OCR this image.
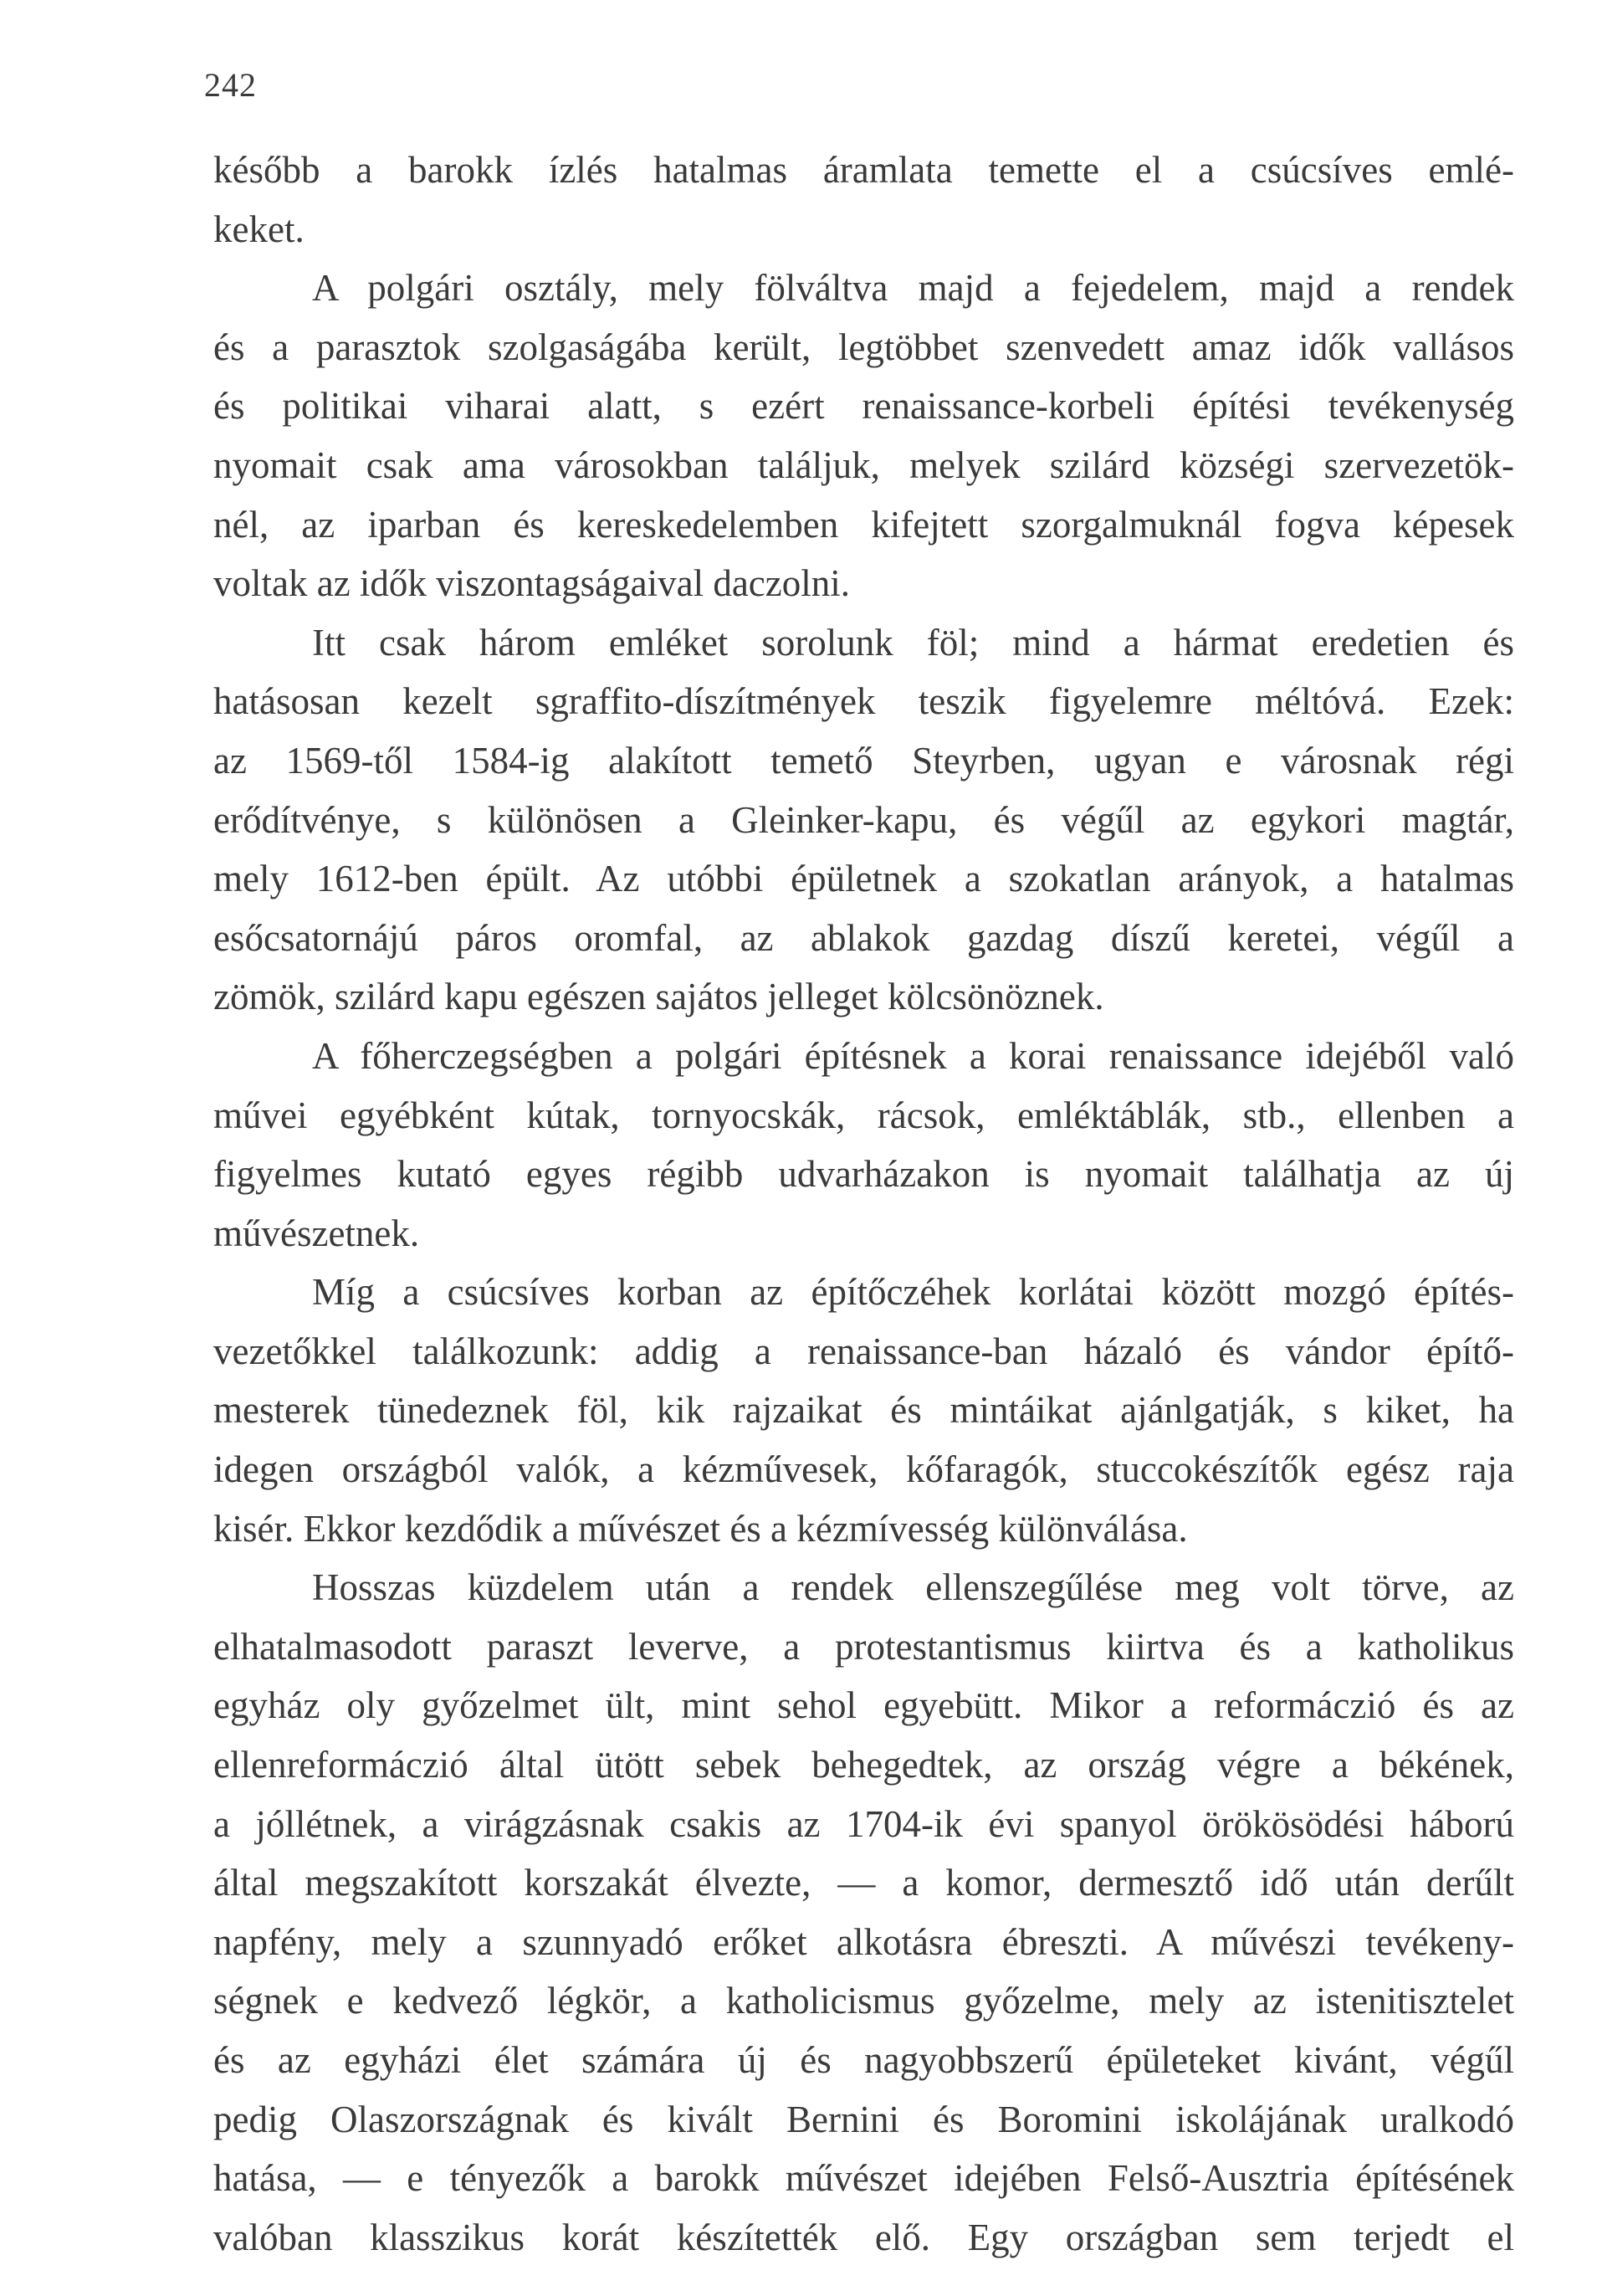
242
később a barokk ízlés hatalmas áramlata temette el a csúcsíves emlé-
keket.
A polgári osztály, mely fölváltva majd a fejedelem, majd a rendek
és a parasztok szolgaságába került, legtöbbet szenvedett amaz idők vallásos
és politikai viharai alatt, s ezért renaissance-korbeli építési tevékenység
nyomait csak ama városokban találjuk, melyek szilárd községi szervezetök-
nél, az iparban és kereskedelemben kifejtett szorgalmuknál fogva képesek
voltak az idők viszontagságaival daczolni.
Itt csak három emléket sorolunk föl; mind a hármat eredetien és
hatásosan kezelt sgraffito-díszítmények teszik figyelemre méltóvá. Ezek:
az 1569-től 1584-ig alakított temető Steyrben, ugyan e városnak régi
erődítvénye, s különösen a Gleinker-kapu, és végűl az egykori magtár,
mely 1612-ben épült. Az utóbbi épületnek a szokatlan arányok, a hatalmas
esőcsatornájú páros oromfal, az ablakok gazdag díszű keretei, végűl a
zömök, szilárd kapu egészen sajátos jelleget kölcsönöznek.
A főherczegségben a polgári építésnek a korai renaissance idejéből való
művei egyébként kútak, tornyocskák, rácsok, emléktáblák, stb., ellenben a
figyelmes kutató egyes régibb udvarházakon is nyomait találhatja az új
művészetnek.
Míg a csúcsíves korban az építőczéhek korlátai között mozgó építés-
vezetőkkel találkozunk: addig a renaissance-ban házaló és vándor építő-
mesterek tünedeznek föl, kik rajzaikat és mintáikat ajánlgatják, s kiket, ha
idegen országból valók, a kézművesek, kőfaragók, stuccokészítők egész raja
kisér. Ekkor kezdődik a művészet és a kézmívesség különválása.
Hosszas küzdelem után a rendek ellenszegűlése meg volt törve, az
elhatalmasodott paraszt leverve, a protestantismus kiirtva és a katholikus
egyház oly győzelmet ült, mint sehol egyebütt. Mikor a reformáczió és az
ellenreformáczió által ütött sebek behegedtek, az ország végre a békének,
a jóllétnek, a virágzásnak csakis az 1704-ik évi spanyol örökösödési háború
által megszakított korszakát élvezte, — a komor, dermesztő idő után derűlt
napfény, mely a szunnyadó erőket alkotásra ébreszti. A művészi tevékeny-
ségnek e kedvező légkör, a katholicismus győzelme, mely az istenitisztelet
és az egyházi élet számára új és nagyobbszerű épületeket kivánt, végűl
pedig Olaszországnak és kivált Bernini és Boromini iskolájának uralkodó
hatása, — e tényezők a barokk művészet idejében Felső-Ausztria építésének
valóban klasszikus korát készítették elő. Egy országban sem terjedt el
